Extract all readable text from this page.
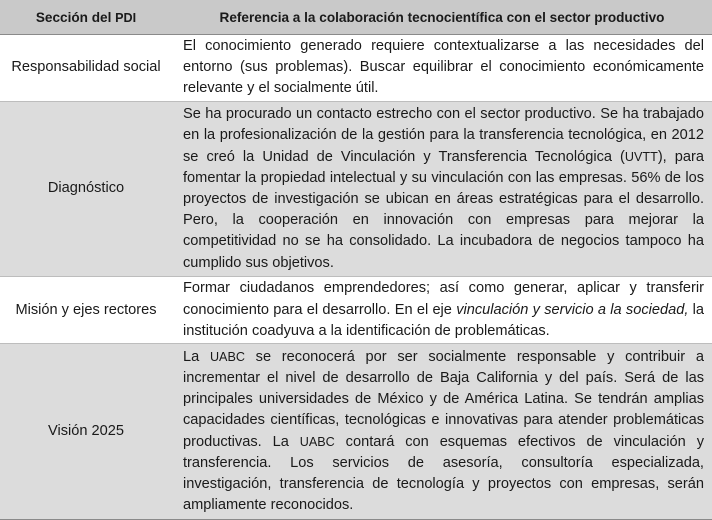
Sección del PDI	Referencia a la colaboración tecnocientífica con el sector productivo
Responsabilidad social	El conocimiento generado requiere contextualizarse a las necesidades del entorno (sus problemas). Buscar equilibrar el conocimiento económicamente relevante y el socialmente útil.
Diagnóstico	Se ha procurado un contacto estrecho con el sector productivo. Se ha trabajado en la profesionalización de la gestión para la transferencia tecnológica, en 2012 se creó la Unidad de Vinculación y Transferencia Tecnológica (UVTT), para fomentar la propiedad intelectual y su vinculación con las empresas. 56% de los proyectos de investigación se ubican en áreas estratégicas para el desarrollo. Pero, la cooperación en innovación con empresas para mejorar la competitividad no se ha consolidado. La incubadora de negocios tampoco ha cumplido sus objetivos.
Misión y ejes rectores	Formar ciudadanos emprendedores; así como generar, aplicar y transferir conocimiento para el desarrollo. En el eje vinculación y servicio a la sociedad, la institución coadyuva a la identificación de problemáticas.
Visión 2025	La UABC se reconocerá por ser socialmente responsable y contribuir a incrementar el nivel de desarrollo de Baja California y del país. Será de las principales universidades de México y de América Latina. Se tendrán amplias capacidades científicas, tecnológicas e innovativas para atender problemáticas productivas. La UABC contará con esquemas efectivos de vinculación y transferencia. Los servicios de asesoría, consultoría especializada, investigación, transferencia de tecnología y proyectos con empresas, serán ampliamente reconocidos.
